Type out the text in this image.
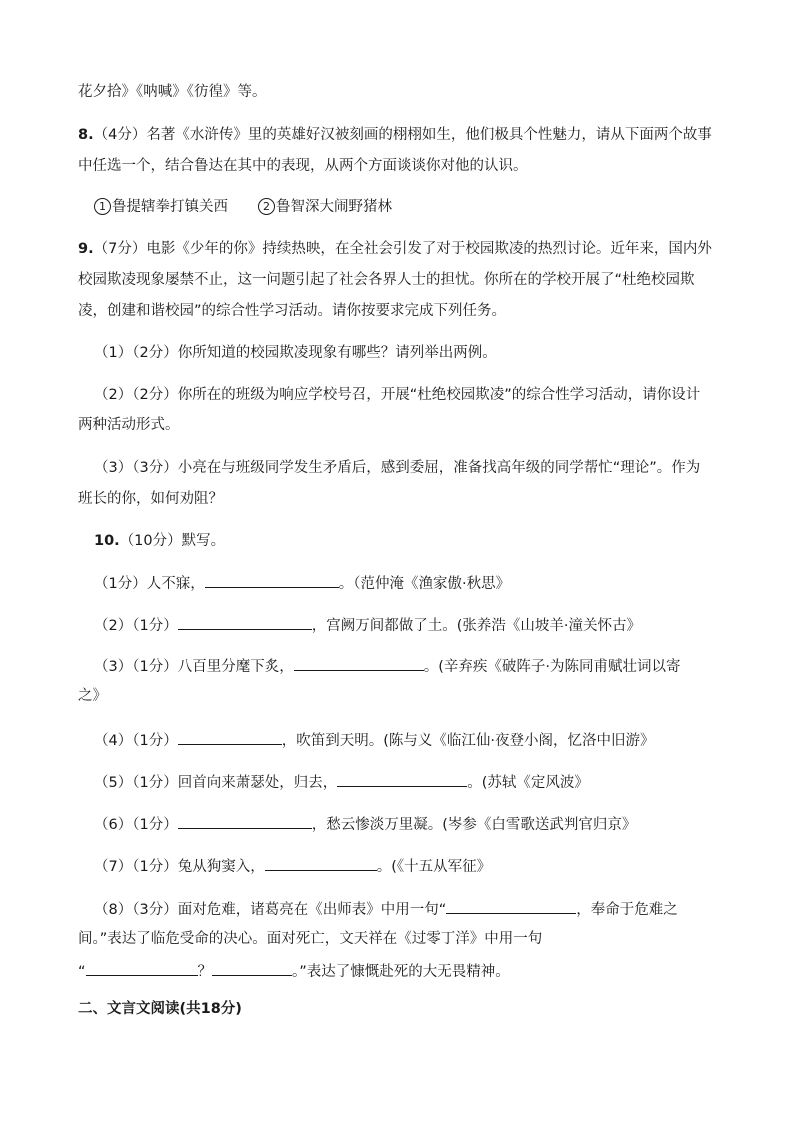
花夕拾》《呐喊》《彷徨》等。
8.（4分）名著《水浒传》里的英雄好汉被刻画的栩栩如生，他们极具个性魅力，请从下面两个故事
中任选一个，结合鲁达在其中的表现，从两个方面谈谈你对他的认识。
1 鲁提辖拳打镇关西	2 鲁智深大闹野猪林
9.（7分）电影《少年的你》持续热映，在全社会引发了对于校园欺凌的热烈讨论。近年来，国内外
校园欺凌现象屡禁不止，这一问题引起了社会各界人士的担忧。你所在的学校开展了“杜绝校园欺
凌，创建和谐校园”的综合性学习活动。请你按要求完成下列任务。
（1）（2分）你所知道的校园欺凌现象有哪些？请列举出两例。
（2）（2分）你所在的班级为响应学校号召，开展“杜绝校园欺凌”的综合性学习活动，请你设计
两种活动形式。
（3）（3分）小亮在与班级同学发生矛盾后，感到委屈，准备找高年级的同学帮忙“理论”。作为
班长的你，如何劝阻？
10.（10分）默写。
（1分）人不寐，	。（范仲淹《渔家傲·秋思》
（2）（1分）	，宫阙万间都做了土。(张养浩《山坡羊·潼关怀古》
（3）（1分）八百里分麾下炙，	。(辛弃疾《破阵子·为陈同甫赋壮词以寄
之》
（4）（1分）	，吹笛到天明。(陈与义《临江仙·夜登小阁，忆洛中旧游》
（5）（1分）回首向来萧瑟处，归去，	。(苏轼《定风波》
（6）（1分）	，愁云惨淡万里凝。(岑参《白雪歌送武判官归京》
（7）（1分）兔从狗窦入，	。(《十五从军征》
（8）（3分）面对危难，诸葛亮在《出师表》中用一句“	，奉命于危难之
间。”表达了临危受命的决心。面对死亡，文天祥在《过零丁洋》中用一句
“	？	。”表达了慷慨赴死的大无畏精神。
二、文言文阅读(共18分)
